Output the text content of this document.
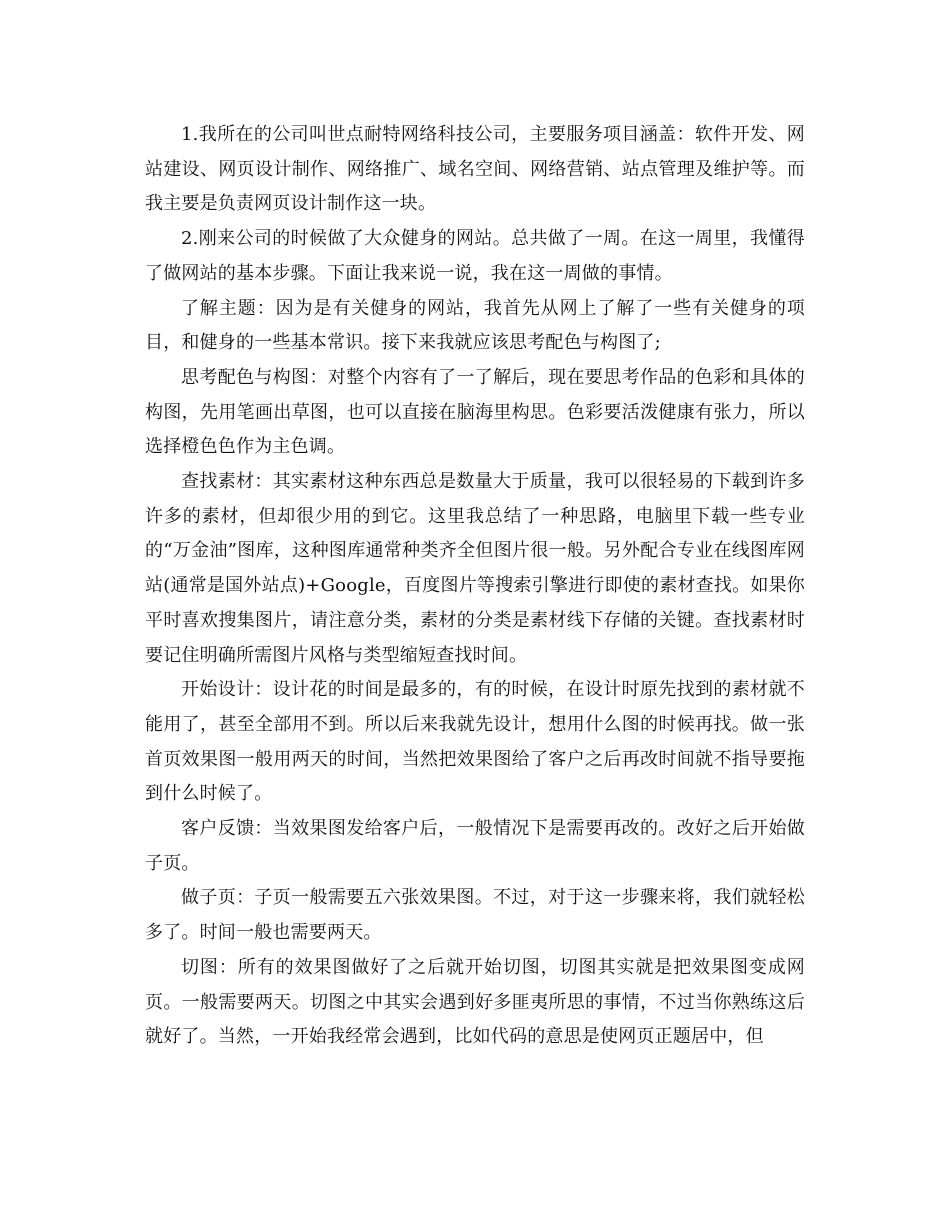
1.我所在的公司叫世点耐特网络科技公司，主要服务项目涵盖：软件开发、网站建设、网页设计制作、网络推广、域名空间、网络营销、站点管理及维护等。而我主要是负责网页设计制作这一块。

2.刚来公司的时候做了大众健身的网站。总共做了一周。在这一周里，我懂得了做网站的基本步骤。下面让我来说一说，我在这一周做的事情。

了解主题：因为是有关健身的网站，我首先从网上了解了一些有关健身的项目，和健身的一些基本常识。接下来我就应该思考配色与构图了;

思考配色与构图：对整个内容有了一了解后，现在要思考作品的色彩和具体的构图，先用笔画出草图，也可以直接在脑海里构思。色彩要活泼健康有张力，所以选择橙色色作为主色调。

查找素材：其实素材这种东西总是数量大于质量，我可以很轻易的下载到许多许多的素材，但却很少用的到它。这里我总结了一种思路，电脑里下载一些专业的“万金油”图库，这种图库通常种类齐全但图片很一般。另外配合专业在线图库网站(通常是国外站点)+Google，百度图片等搜索引擎进行即使的素材查找。如果你平时喜欢搜集图片，请注意分类，素材的分类是素材线下存储的关键。查找素材时要记住明确所需图片风格与类型缩短查找时间。

开始设计：设计花的时间是最多的，有的时候，在设计时原先找到的素材就不能用了，甚至全部用不到。所以后来我就先设计，想用什么图的时候再找。做一张首页效果图一般用两天的时间，当然把效果图给了客户之后再改时间就不指导要拖到什么时候了。

客户反馈：当效果图发给客户后，一般情况下是需要再改的。改好之后开始做子页。

做子页：子页一般需要五六张效果图。不过，对于这一步骤来将，我们就轻松多了。时间一般也需要两天。

切图：所有的效果图做好了之后就开始切图，切图其实就是把效果图变成网页。一般需要两天。切图之中其实会遇到好多匪夷所思的事情，不过当你熟练这后就好了。当然，一开始我经常会遇到，比如代码的意思是使网页正题居中，但
